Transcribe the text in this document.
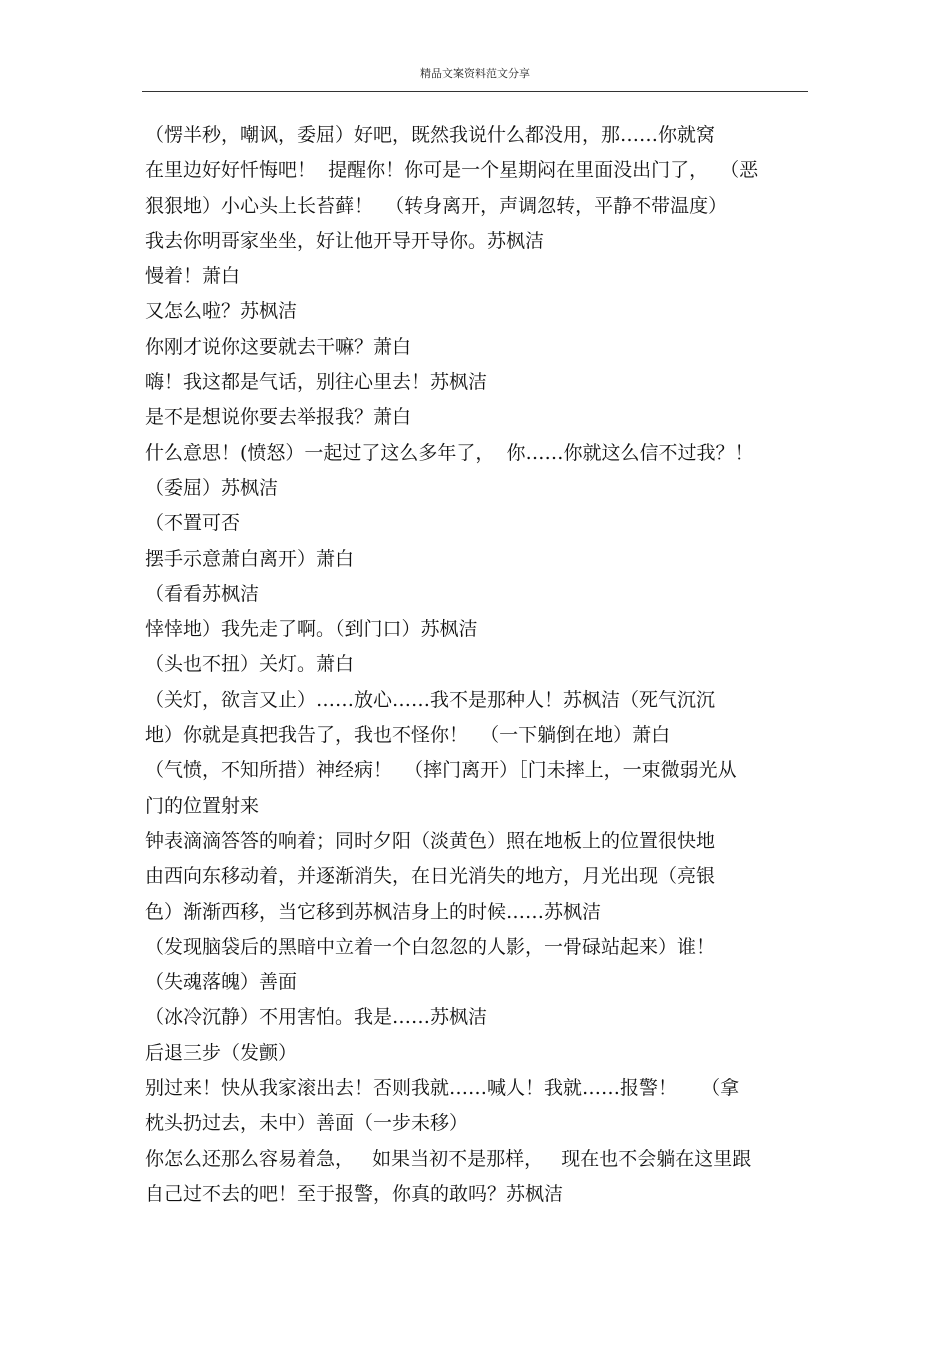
精品文案资料范文分享
（愣半秒，嘲讽，委屈）好吧，既然我说什么都没用，那……你就窝
在里边好好忏悔吧！  提醒你！你可是一个星期闷在里面没出门了，  （恶
狠狠地）小心头上长苔藓！  （转身离开，声调忽转，平静不带温度）
我去你明哥家坐坐，好让他开导开导你。苏枫洁
慢着！萧白
又怎么啦？苏枫洁
你刚才说你这要就去干嘛？萧白
嗨！我这都是气话，别往心里去！苏枫洁
是不是想说你要去举报我？萧白
什么意思！(愤怒）一起过了这么多年了，  你……你就这么信不过我？！
（委屈）苏枫洁
（不置可否
摆手示意萧白离开）萧白
（看看苏枫洁
悻悻地）我先走了啊。（到门口）苏枫洁
（头也不扭）关灯。萧白
（关灯，欲言又止）……放心……我不是那种人！苏枫洁（死气沉沉
地）你就是真把我告了，我也不怪你！  （一下躺倒在地）萧白
（气愤，不知所措）神经病！  （摔门离开）［门未摔上，一束微弱光从
门的位置射来
钟表滴滴答答的响着；同时夕阳（淡黄色）照在地板上的位置很快地
由西向东移动着，并逐渐消失，在日光消失的地方，月光出现（亮银
色）渐渐西移，当它移到苏枫洁身上的时候……苏枫洁
（发现脑袋后的黑暗中立着一个白忽忽的人影，一骨碌站起来）谁！
（失魂落魄）善面
（冰冷沉静）不用害怕。我是……苏枫洁
后退三步（发颤）
别过来！快从我家滚出去！否则我就……喊人！我就……报警！    （拿
枕头扔过去，未中）善面（一步未移）
你怎么还那么容易着急，   如果当初不是那样，   现在也不会躺在这里跟
自己过不去的吧！至于报警，你真的敢吗？苏枫洁
